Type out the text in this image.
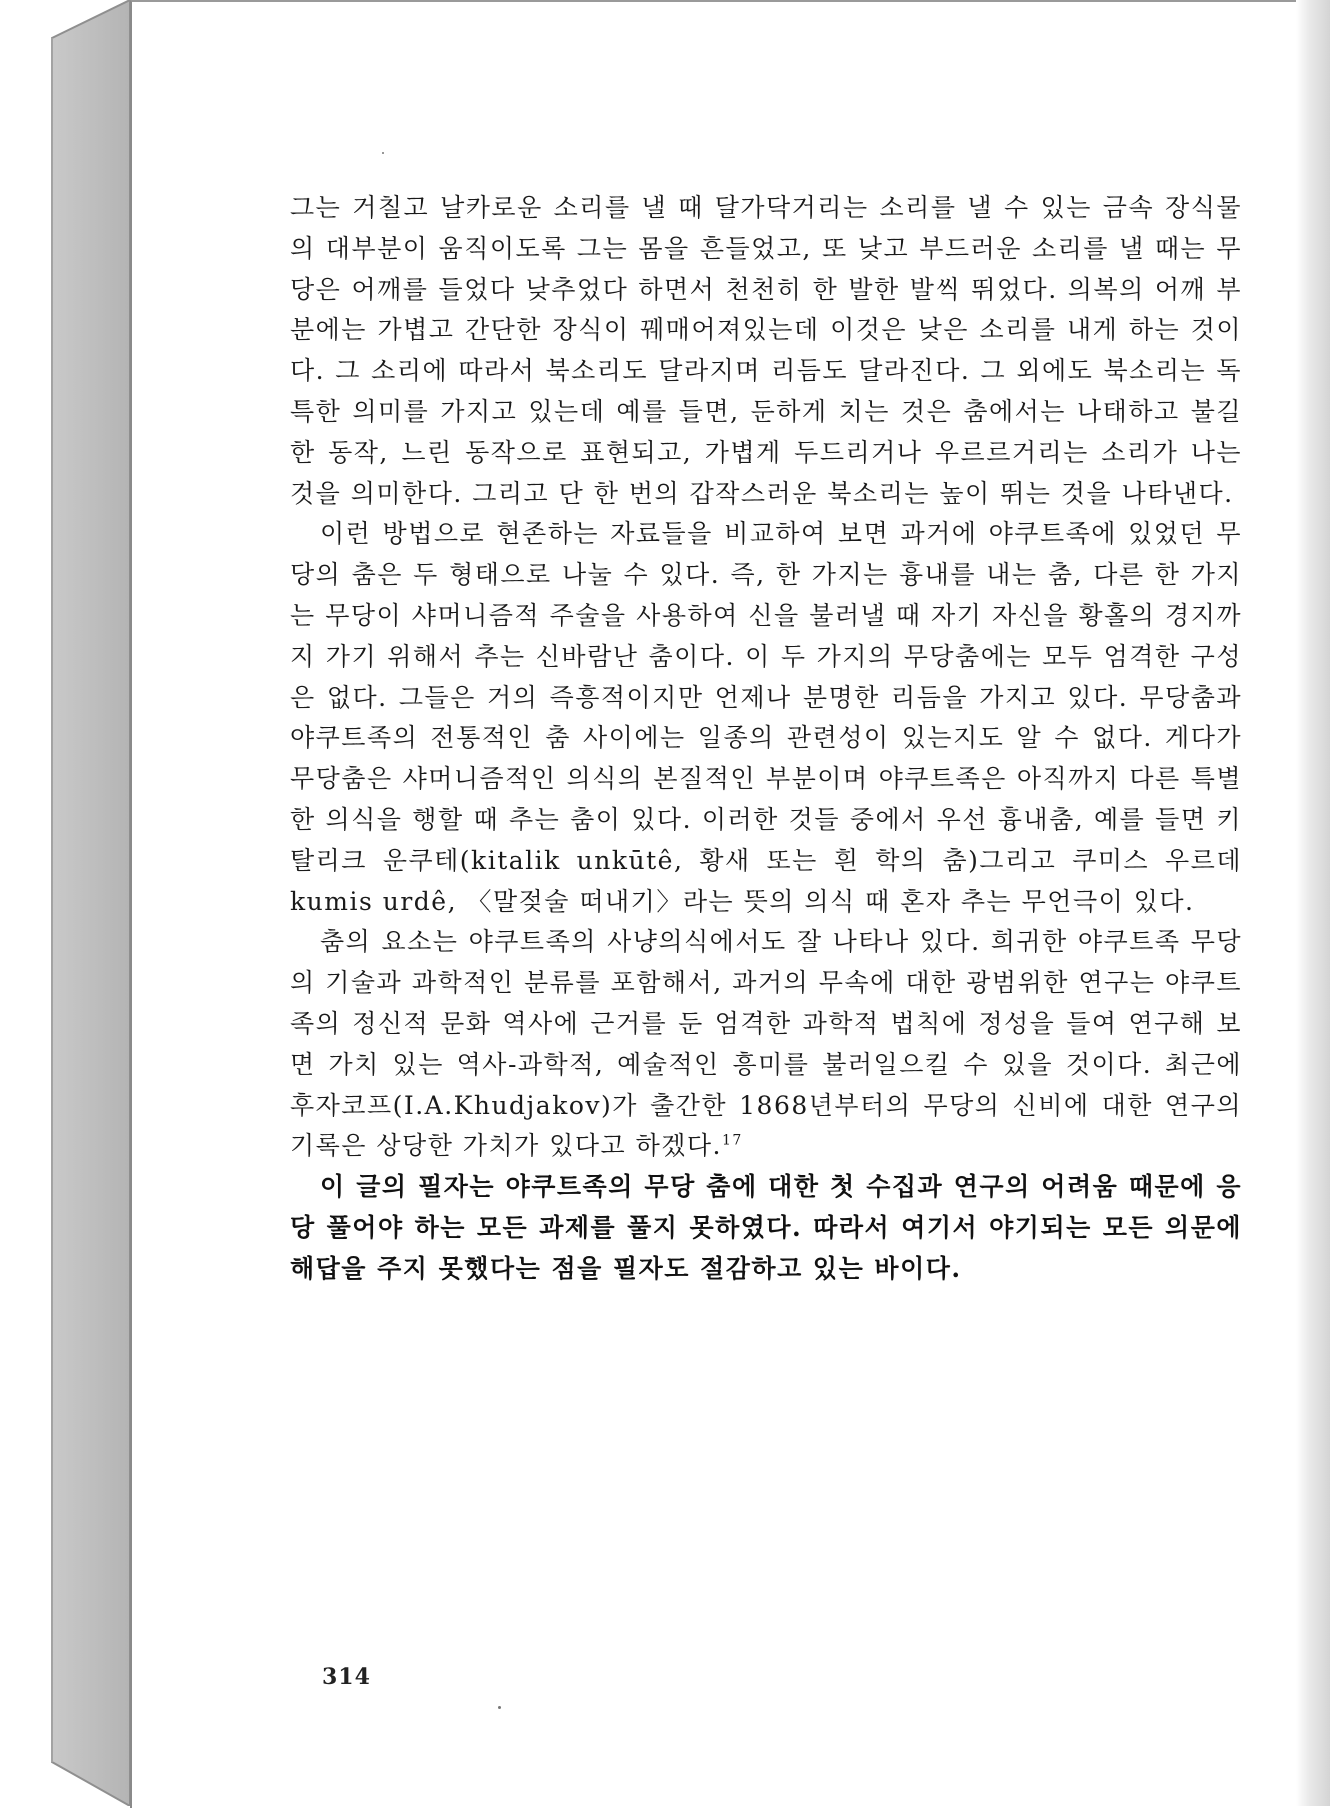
그는 거칠고 날카로운 소리를 낼 때 달가닥거리는 소리를 낼 수 있는 금속 장식물의 대부분이 움직이도록 그는 몸을 흔들었고, 또 낮고 부드러운 소리를 낼 때는 무당은 어깨를 들었다 낮추었다 하면서 천천히 한 발한 발씩 뛰었다. 의복의 어깨 부분에는 가볍고 간단한 장식이 꿰매어져있는데 이것은 낮은 소리를 내게 하는 것이다. 그 소리에 따라서 북소리도 달라지며 리듬도 달라진다. 그 외에도 북소리는 독특한 의미를 가지고 있는데 예를 들면, 둔하게 치는 것은 춤에서는 나태하고 불길한 동작, 느린 동작으로 표현되고, 가볍게 두드리거나 우르르거리는 소리가 나는 것을 의미한다. 그리고 단 한 번의 갑작스러운 북소리는 높이 뛰는 것을 나타낸다.

이런 방법으로 현존하는 자료들을 비교하여 보면 과거에 야쿠트족에 있었던 무당의 춤은 두 형태으로 나눌 수 있다. 즉, 한 가지는 흉내를 내는 춤, 다른 한 가지는 무당이 샤머니즘적 주술을 사용하여 신을 불러낼 때 자기 자신을 황홀의 경지까지 가기 위해서 추는 신바람난 춤이다. 이 두 가지의 무당춤에는 모두 엄격한 구성은 없다. 그들은 거의 즉흥적이지만 언제나 분명한 리듬을 가지고 있다. 무당춤과 야쿠트족의 전통적인 춤 사이에는 일종의 관련성이 있는지도 알 수 없다. 게다가 무당춤은 샤머니즘적인 의식의 본질적인 부분이며 야쿠트족은 아직까지 다른 특별한 의식을 행할 때 추는 춤이 있다. 이러한 것들 중에서 우선 흉내춤, 예를 들면 키탈리크 운쿠테(kitalik unkūtê, 황새 또는 흰 학의 춤)그리고 쿠미스 우르데kumis urdê, 〈말젖술 떠내기〉라는 뜻의 의식 때 혼자 추는 무언극이 있다.

춤의 요소는 야쿠트족의 사냥의식에서도 잘 나타나 있다. 희귀한 야쿠트족 무당의 기술과 과학적인 분류를 포함해서, 과거의 무속에 대한 광범위한 연구는 야쿠트족의 정신적 문화 역사에 근거를 둔 엄격한 과학적 법칙에 정성을 들여 연구해 보면 가치 있는 역사-과학적, 예술적인 흥미를 불러일으킬 수 있을 것이다. 최근에 후자코프(I.A.Khudjakov)가 출간한 1868년부터의 무당의 신비에 대한 연구의 기록은 상당한 가치가 있다고 하겠다.$^{17}$

이 글의 필자는 야쿠트족의 무당 춤에 대한 첫 수집과 연구의 어려움 때문에 응당 풀어야 하는 모든 과제를 풀지 못하였다. 따라서 여기서 야기되는 모든 의문에 해답을 주지 못했다는 점을 필자도 절감하고 있는 바이다.

314
